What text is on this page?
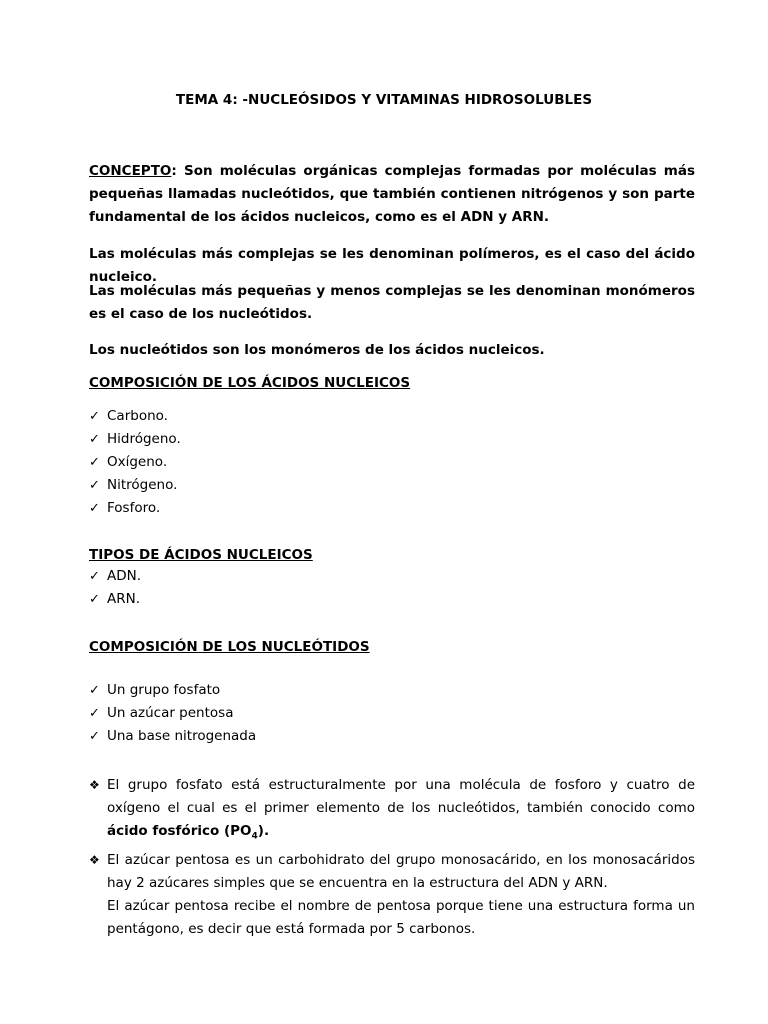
TEMA 4: -NUCLEÓSIDOS Y VITAMINAS HIDROSOLUBLES

CONCEPTO: Son moléculas orgánicas complejas formadas por moléculas más pequeñas llamadas nucleótidos, que también contienen nitrógenos y son parte fundamental de los ácidos nucleicos, como es el ADN y ARN.

Las moléculas más complejas se les denominan polímeros, es el caso del ácido nucleico.

Las moléculas más pequeñas y menos complejas se les denominan monómeros es el caso de los nucleótidos.

Los nucleótidos son los monómeros de los ácidos nucleicos.

COMPOSICIÓN DE LOS ÁCIDOS NUCLEICOS

✓ Carbono.
✓ Hidrógeno.
✓ Oxígeno.
✓ Nitrógeno.
✓ Fosforo.

TIPOS DE ÁCIDOS NUCLEICOS

✓ ADN.
✓ ARN.

COMPOSICIÓN DE LOS NUCLEÓTIDOS

✓ Un grupo fosfato
✓ Un azúcar pentosa
✓ Una base nitrogenada
❖ El grupo fosfato está estructuralmente por una molécula de fosforo y cuatro de oxígeno el cual es el primer elemento de los nucleótidos, también conocido como ácido fosfórico $(PO_4)$.
❖ El azúcar pentosa es un carbohidrato del grupo monosacárido, en los monosacáridos hay 2 azúcares simples que se encuentra en la estructura del ADN y ARN.
El azúcar pentosa recibe el nombre de pentosa porque tiene una estructura forma un pentágono, es decir que está formada por 5 carbonos.
